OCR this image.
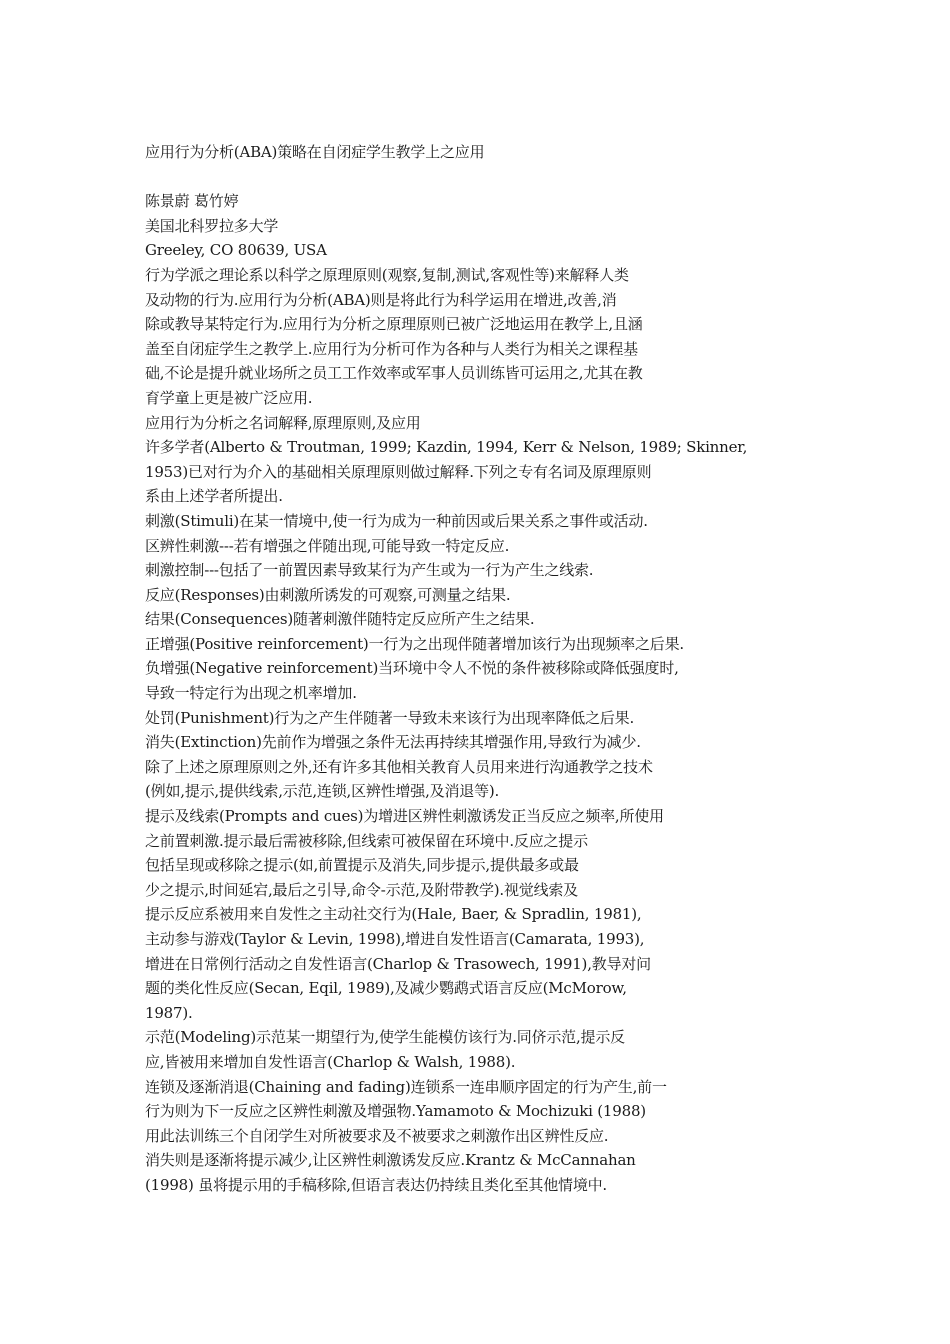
应用行为分析(ABA)策略在自闭症学生教学上之应用
陈景蔚 葛竹婷
美国北科罗拉多大学
Greeley, CO 80639, USA
行为学派之理论系以科学之原理原则(观察,复制,测试,客观性等)来解释人类
及动物的行为.应用行为分析(ABA)则是将此行为科学运用在增进,改善,消
除或教导某特定行为.应用行为分析之原理原则已被广泛地运用在教学上,且涵
盖至自闭症学生之教学上.应用行为分析可作为各种与人类行为相关之课程基
础,不论是提升就业场所之员工工作效率或军事人员训练皆可运用之,尤其在教
育学童上更是被广泛应用.
应用行为分析之名词解释,原理原则,及应用
许多学者(Alberto & Troutman, 1999; Kazdin, 1994, Kerr & Nelson, 1989; Skinner,
1953)已对行为介入的基础相关原理原则做过解释.下列之专有名词及原理原则
系由上述学者所提出.
刺激(Stimuli)在某一情境中,使一行为成为一种前因或后果关系之事件或活动.
区辨性刺激---若有增强之伴随出现,可能导致一特定反应.
刺激控制---包括了一前置因素导致某行为产生或为一行为产生之线索.
反应(Responses)由刺激所诱发的可观察,可测量之结果.
结果(Consequences)随著刺激伴随特定反应所产生之结果.
正增强(Positive reinforcement)一行为之出现伴随著增加该行为出现频率之后果.
负增强(Negative reinforcement)当环境中令人不悦的条件被移除或降低强度时,
导致一特定行为出现之机率增加.
处罚(Punishment)行为之产生伴随著一导致未来该行为出现率降低之后果.
消失(Extinction)先前作为增强之条件无法再持续其增强作用,导致行为减少.
除了上述之原理原则之外,还有许多其他相关教育人员用来进行沟通教学之技术
(例如,提示,提供线索,示范,连锁,区辨性增强,及消退等).
提示及线索(Prompts and cues)为增进区辨性刺激诱发正当反应之频率,所使用
之前置刺激.提示最后需被移除,但线索可被保留在环境中.反应之提示
包括呈现或移除之提示(如,前置提示及消失,同步提示,提供最多或最
少之提示,时间延宕,最后之引导,命令-示范,及附带教学).视觉线索及
提示反应系被用来自发性之主动社交行为(Hale, Baer, & Spradlin, 1981),
主动参与游戏(Taylor & Levin, 1998),增进自发性语言(Camarata, 1993),
增进在日常例行活动之自发性语言(Charlop & Trasowech, 1991),教导对问
题的类化性反应(Secan, Eqil, 1989),及减少鹦鹉式语言反应(McMorow,
1987).
示范(Modeling)示范某一期望行为,使学生能模仿该行为.同侪示范,提示反
应,皆被用来增加自发性语言(Charlop & Walsh, 1988).
连锁及逐渐消退(Chaining and fading)连锁系一连串顺序固定的行为产生,前一
行为则为下一反应之区辨性刺激及增强物.Yamamoto & Mochizuki (1988)
用此法训练三个自闭学生对所被要求及不被要求之刺激作出区辨性反应.
消失则是逐渐将提示减少,让区辨性刺激诱发反应.Krantz & McCannahan
(1998) 虽将提示用的手稿移除,但语言表达仍持续且类化至其他情境中.
